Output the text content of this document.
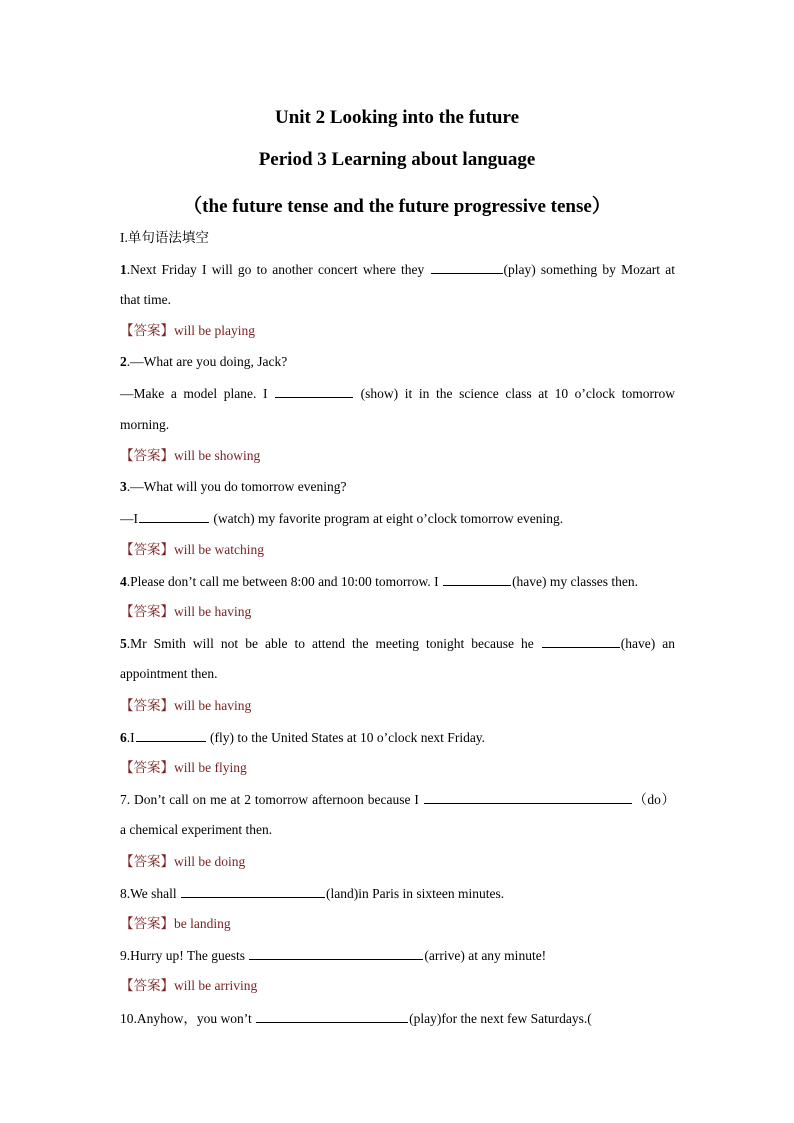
Unit 2 Looking into the future
Period 3 Learning about language
（the future tense and the future progressive tense）
I.单句语法填空
1.Next Friday I will go to another concert where they	(play) something by Mozart at
that time.
【答案】will be playing
2.—What are you doing, Jack?
—Make a model plane. I	(show) it in the science class at 10 o’clock tomorrow
morning.
【答案】will be showing
3.—What will you do tomorrow evening?
—I	(watch) my favorite program at eight o’clock tomorrow evening.
【答案】will be watching
4.Please don’t call me between 8:00 and 10:00 tomorrow. I	(have) my classes then.
【答案】will be having
5.Mr Smith will not be able to attend the meeting tonight because he	(have) an
appointment then.
【答案】will be having
6.I	(fly) to the United States at 10 o’clock next Friday.
【答案】will be flying
7. Don’t call on me at 2 tomorrow afternoon because I	（do）
a chemical experiment then.
【答案】will be doing
8.We shall	(land)in Paris in sixteen minutes.
【答案】be landing
9.Hurry up! The guests	(arrive) at any minute!
【答案】will be arriving
10.Anyhow，you won’t	(play)for the next few Saturdays.(
